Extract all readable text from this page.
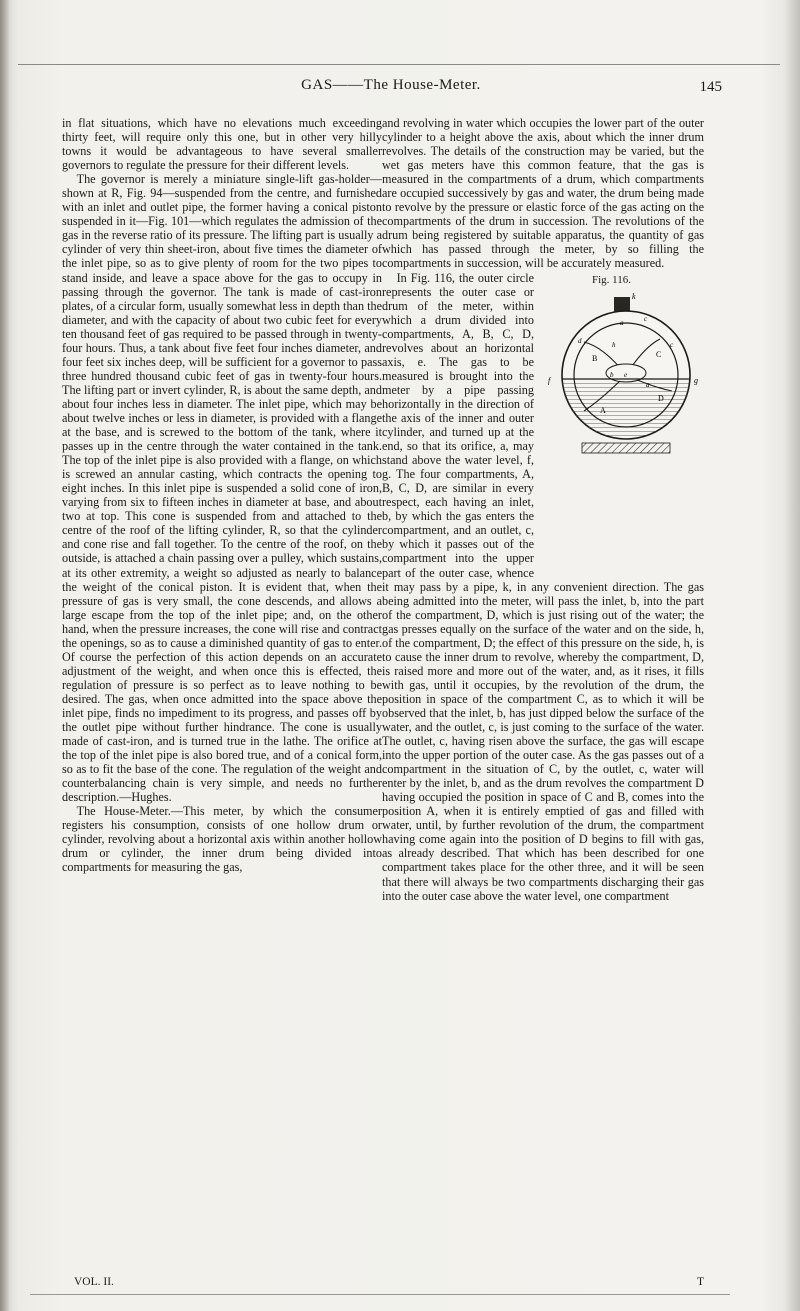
GAS——The House-Meter.	145

in flat situations, which have no elevations much exceeding thirty feet, will require only this one, but in other very hilly towns it would be advantageous to have several smaller governors to regulate the pressure for their different levels.

The governor is merely a miniature single-lift gas-holder—shown at R, Fig. 94—suspended from the centre, and furnished with an inlet and outlet pipe, the former having a conical piston suspended in it—Fig. 101—which regulates the admission of the gas in the reverse ratio of its pressure. The lifting part is usually a cylinder of very thin sheet-iron, about five times the diameter of the inlet pipe, so as to give plenty of room for the two pipes to stand inside, and leave a space above for the gas to occupy in passing through the governor. The tank is made of cast-iron plates, of a circular form, usually somewhat less in depth than the diameter, and with the capacity of about two cubic feet for every ten thousand feet of gas required to be passed through in twenty-four hours. Thus, a tank about five feet four inches diameter, and four feet six inches deep, will be sufficient for a governor to pass three hundred thousand cubic feet of gas in twenty-four hours. The lifting part or invert cylinder, R, is about the same depth, and about four inches less in diameter. The inlet pipe, which may be about twelve inches or less in diameter, is provided with a flange at the base, and is screwed to the bottom of the tank, where it passes up in the centre through the water contained in the tank. The top of the inlet pipe is also provided with a flange, on which is screwed an annular casting, which contracts the opening to eight inches. In this inlet pipe is suspended a solid cone of iron, varying from six to fifteen inches in diameter at base, and about two at top. This cone is suspended from and attached to the centre of the roof of the lifting cylinder, R, so that the cylinder and cone rise and fall together. To the centre of the roof, on the outside, is attached a chain passing over a pulley, which sustains, at its other extremity, a weight so adjusted as nearly to balance the weight of the conical piston. It is evident that, when the pressure of gas is very small, the cone descends, and allows a large escape from the top of the inlet pipe; and, on the other hand, when the pressure increases, the cone will rise and contract the openings, so as to cause a diminished quantity of gas to enter. Of course the perfection of this action depends on an accurate adjustment of the weight, and when once this is effected, the regulation of pressure is so perfect as to leave nothing to be desired. The gas, when once admitted into the space above the inlet pipe, finds no impediment to its progress, and passes off by the outlet pipe without further hindrance. The cone is usually made of cast-iron, and is turned true in the lathe. The orifice at the top of the inlet pipe is also bored true, and of a conical form, so as to fit the base of the cone. The regulation of the weight and counterbalancing chain is very simple, and needs no further description.—Hughes.

The House-Meter.—This meter, by which the consumer registers his consumption, consists of one hollow drum or cylinder, revolving about a horizontal axis within another hollow drum or cylinder, the inner drum being divided into compartments for measuring the gas,

and revolving in water which occupies the lower part of the outer cylinder to a height above the axis, about which the inner drum revolves. The details of the construction may be varied, but the wet gas meters have this common feature, that the gas is measured in the compartments of a drum, which compartments are occupied successively by gas and water, the drum being made to revolve by the pressure or elastic force of the gas acting on the compartments of the drum in succession. The revolutions of the drum being registered by suitable apparatus, the quantity of gas which has passed through the meter, by so filling the compartments in succession, will be accurately measured.

Fig. 116.
k
a	c
d
B
h
C
c
b e
f	g
A
D
a

In Fig. 116, the outer circle represents the outer case or drum of the meter, within which a drum divided into compartments, A, B, C, D, revolves about an horizontal axis, e. The gas to be measured is brought into the meter by a pipe passing horizontally in the direction of the axis of the inner and outer cylinder, and turned up at the end, so that its orifice, a, may stand above the water level, f, g. The four compartments, A, B, C, D, are similar in every respect, each having an inlet, b, by which the gas enters the compartment, and an outlet, c, by which it passes out of the compartment into the upper part of the outer case, whence it may pass by a pipe, k, in any convenient direction. The gas being admitted into the meter, will pass the inlet, b, into the part of the compartment, D, which is just rising out of the water; the gas presses equally on the surface of the water and on the side, h, of the compartment, D; the effect of this pressure on the side, h, is to cause the inner drum to revolve, whereby the compartment, D, is raised more and more out of the water, and, as it rises, it fills with gas, until it occupies, by the revolution of the drum, the position in space of the compartment C, as to which it will be observed that the inlet, b, has just dipped below the surface of the water, and the outlet, c, is just coming to the surface of the water. The outlet, c, having risen above the surface, the gas will escape into the upper portion of the outer case. As the gas passes out of a compartment in the situation of C, by the outlet, c, water will enter by the inlet, b, and as the drum revolves the compartment D having occupied the position in space of C and B, comes into the position A, when it is entirely emptied of gas and filled with water, until, by further revolution of the drum, the compartment having come again into the position of D begins to fill with gas, as already described. That which has been described for one compartment takes place for the other three, and it will be seen that there will always be two compartments discharging their gas into the outer case above the water level, one compartment

VOL. II.	T
